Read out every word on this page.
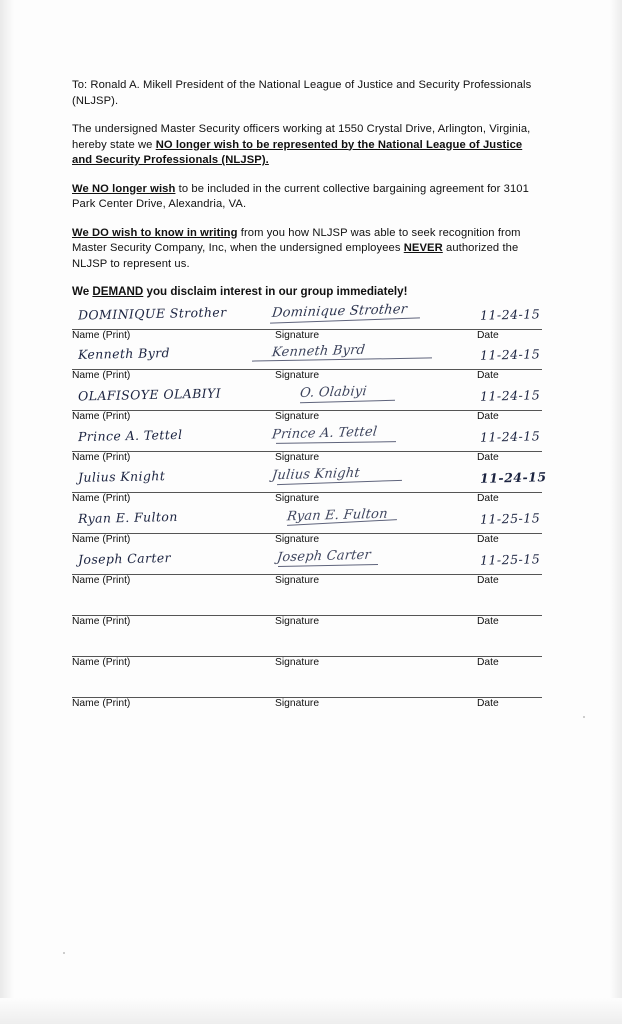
To: Ronald A. Mikell President of the National League of Justice and Security Professionals (NLJSP).
The undersigned Master Security officers working at 1550 Crystal Drive, Arlington, Virginia, hereby state we NO longer wish to be represented by the National League of Justice and Security Professionals (NLJSP).
We NO longer wish to be included in the current collective bargaining agreement for 3101 Park Center Drive, Alexandria, VA.
We DO wish to know in writing from you how NLJSP was able to seek recognition from Master Security Company, Inc, when the undersigned employees NEVER authorized the NLJSP to represent us.
We DEMAND you disclaim interest in our group immediately!
DOMINIQUE Strother	Dominique Strother	11-24-15
Name (Print)	Signature	Date
Kenneth Byrd	Kenneth Byrd	11-24-15
Name (Print)	Signature	Date
OLAFISOYE OLABIYI	O. Olabiyi	11-24-15
Name (Print)	Signature	Date
Prince A. Tettel	Prince A. Tettel	11-24-15
Name (Print)	Signature	Date
Julius Knight	Julius Knight	11-24-15
Name (Print)	Signature	Date
Ryan E. Fulton	Ryan E. Fulton	11-25-15
Name (Print)	Signature	Date
Joseph Carter	Joseph Carter	11-25-15
Name (Print)	Signature	Date
Name (Print)	Signature	Date
Name (Print)	Signature	Date
Name (Print)	Signature	Date
